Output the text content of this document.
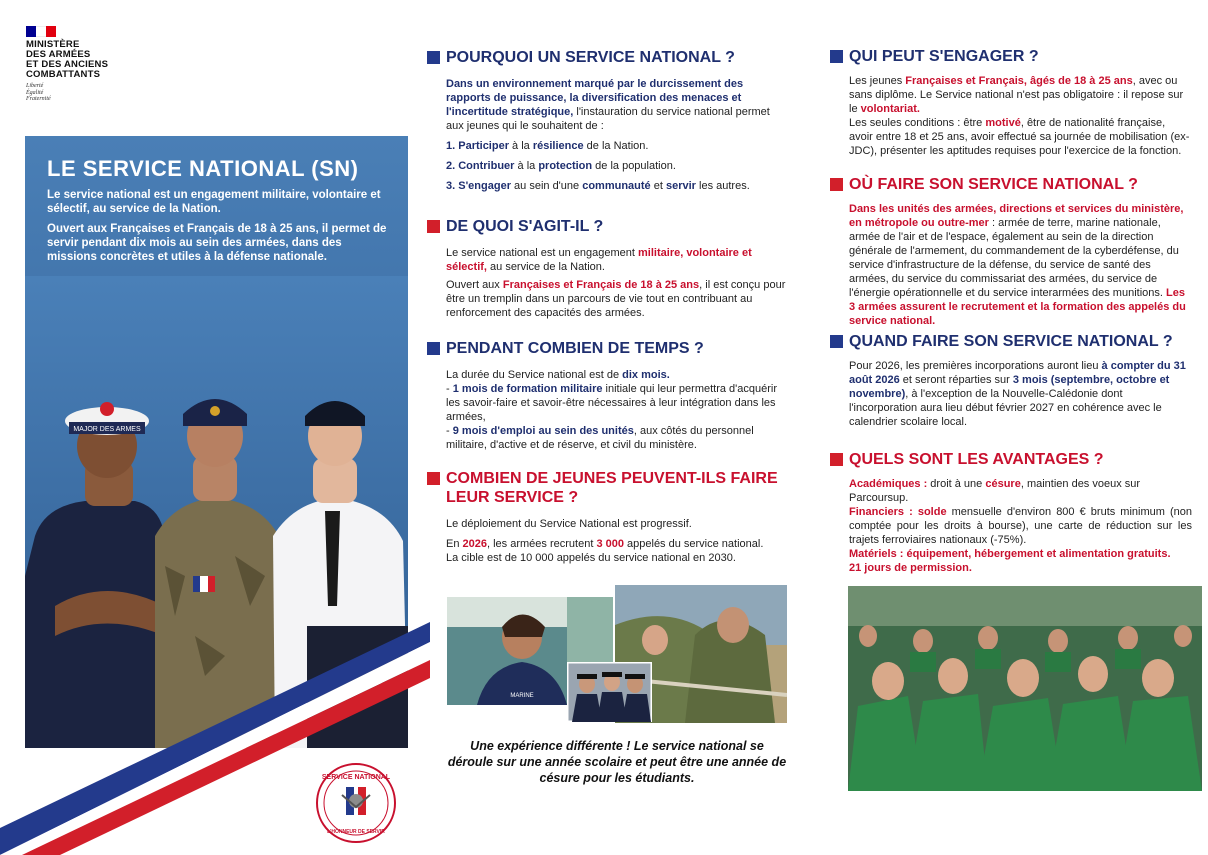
MINISTÈRE
DES ARMÉES
ET DES ANCIENS
COMBATTANTS
Liberté
Égalité
Fraternité
LE SERVICE NATIONAL (SN)

Le service national est un engagement militaire, volontaire et sélectif, au service de la Nation.

Ouvert aux Françaises et Français de 18 à 25 ans, il permet de servir pendant dix mois au sein des armées, dans des missions concrètes et utiles à la défense nationale.

MAJOR DES ARMES
SERVICE NATIONAL
L'HONNEUR DE SERVIR
POURQUOI UN SERVICE NATIONAL ?

Dans un environnement marqué par le durcissement des rapports de puissance, la diversification des menaces et l'incertitude stratégique, l'instauration du service national permet aux jeunes qui le souhaitent de :

1. Participer à la résilience de la Nation.

2. Contribuer à la protection de la population.

3. S'engager au sein d'une communauté et servir les autres.

DE QUOI S'AGIT-IL ?

Le service national est un engagement militaire, volontaire et sélectif, au service de la Nation.

Ouvert aux Françaises et Français de 18 à 25 ans, il est conçu pour être un tremplin dans un parcours de vie tout en contribuant au renforcement des capacités des armées.

PENDANT COMBIEN DE TEMPS ?

La durée du Service national est de dix mois.

- 1 mois de formation militaire initiale qui leur permettra d'acquérir les savoir-faire et savoir-être nécessaires à leur intégration dans les armées,

- 9 mois d'emploi au sein des unités, aux côtés du personnel militaire, d'active et de réserve, et civil du ministère.

COMBIEN DE JEUNES PEUVENT-ILS FAIRE LEUR SERVICE ?

Le déploiement du Service National est progressif.

En 2026, les armées recrutent 3 000 appelés du service national.

La cible est de 10 000 appelés du service national en 2030.

MARINE
Une expérience différente ! Le service national se déroule sur une année scolaire et peut être une année de césure pour les étudiants.
QUI PEUT S'ENGAGER ?

Les jeunes Françaises et Français, âgés de 18 à 25 ans, avec ou sans diplôme. Le Service national n'est pas obligatoire : il repose sur le volontariat.

Les seules conditions : être motivé, être de nationalité française, avoir entre 18 et 25 ans, avoir effectué sa journée de mobilisation (ex-JDC), présenter les aptitudes requises pour l'exercice de la fonction.

OÙ FAIRE SON SERVICE NATIONAL ?

Dans les unités des armées, directions et services du ministère, en métropole ou outre-mer : armée de terre, marine nationale, armée de l'air et de l'espace, également au sein de la direction générale de l'armement, du commandement de la cyberdéfense, du service d'infrastructure de la défense, du service de santé des armées, du service du commissariat des armées, du service de l'énergie opérationnelle et du service interarmées des munitions. Les 3 armées assurent le recrutement et la formation des appelés du service national.

QUAND FAIRE SON SERVICE NATIONAL ?

Pour 2026, les premières incorporations auront lieu à compter du 31 août 2026 et seront réparties sur 3 mois (septembre, octobre et novembre), à l'exception de la Nouvelle-Calédonie dont l'incorporation aura lieu début février 2027 en cohérence avec le calendrier scolaire local.

QUELS SONT LES AVANTAGES ?

Académiques : droit à une césure, maintien des voeux sur Parcoursup.

Financiers : solde mensuelle d'environ 800 € bruts minimum (non comptée pour les droits à bourse), une carte de réduction sur les trajets ferroviaires nationaux (-75%).

Matériels : équipement, hébergement et alimentation gratuits.

21 jours de permission.
